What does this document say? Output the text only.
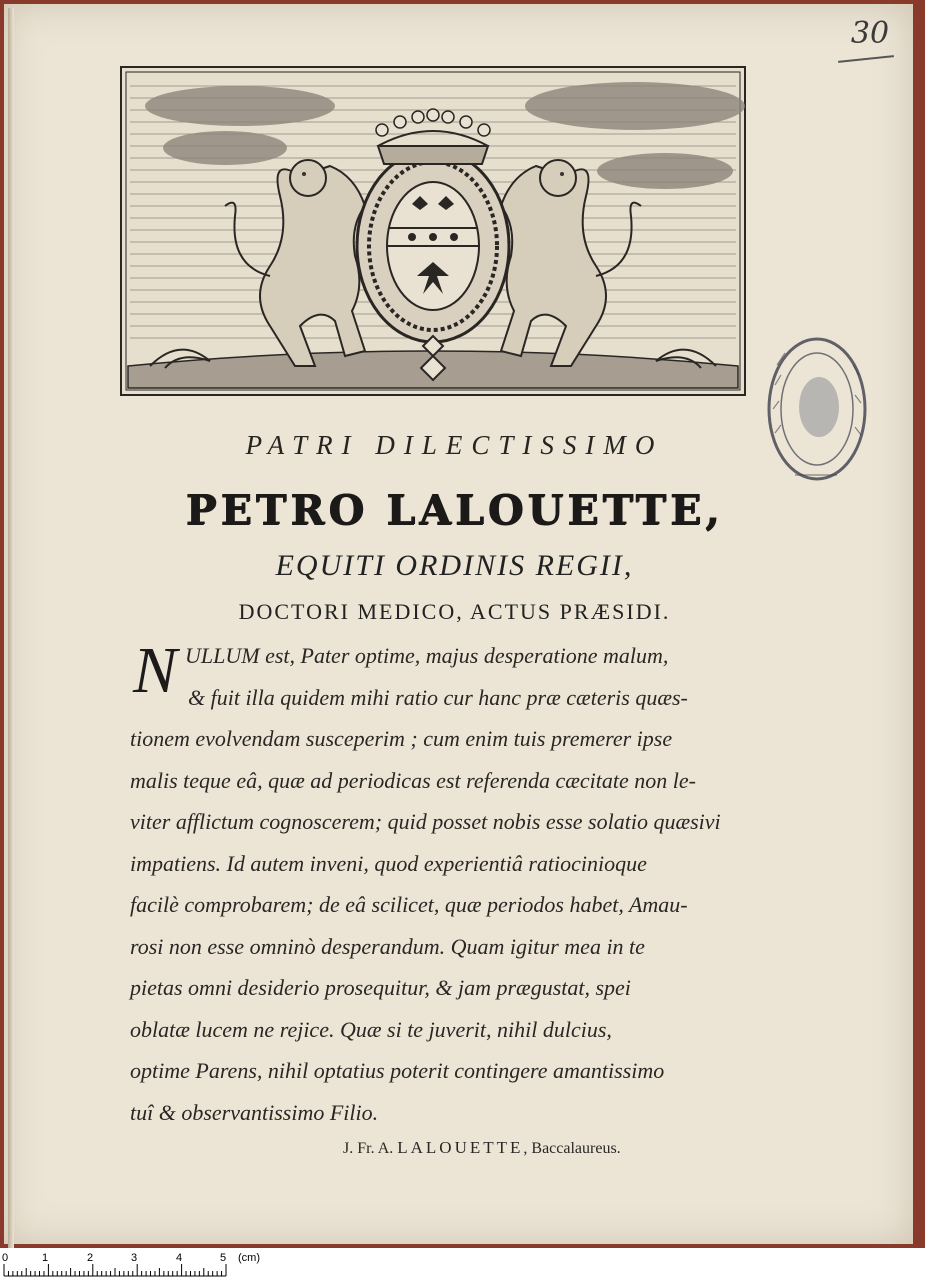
30
PATRI DILECTISSIMO
PETRO LALOUETTE,
EQUITI ORDINIS REGII,
DOCTORI MEDICO, ACTUS PRÆSIDI.
N ULLUM est, Pater optime, majus desperatione malum,
& fuit illa quidem mihi ratio cur hanc præ cæteris quæs-
tionem evolvendam susceperim ; cum enim tuis premerer ipse
malis teque eâ, quæ ad periodicas est referenda cæcitate non le-
viter afflictum cognoscerem; quid posset nobis esse solatio quæsivi
impatiens. Id autem inveni, quod experientiâ ratiocinioque
facilè comprobarem; de eâ scilicet, quæ periodos habet, Amau-
rosi non esse omninò desperandum. Quam igitur mea in te
pietas omni desiderio prosequitur, & jam prægustat, spei
oblatæ lucem ne rejice. Quæ si te juverit, nihil dulcius,
optime Parens, nihil optatius poterit contingere amantissimo
tuî & observantissimo Filio.
J. Fr. A. LALOUETTE, Baccalaureus.
0	1	2	3	4	5 (cm)
